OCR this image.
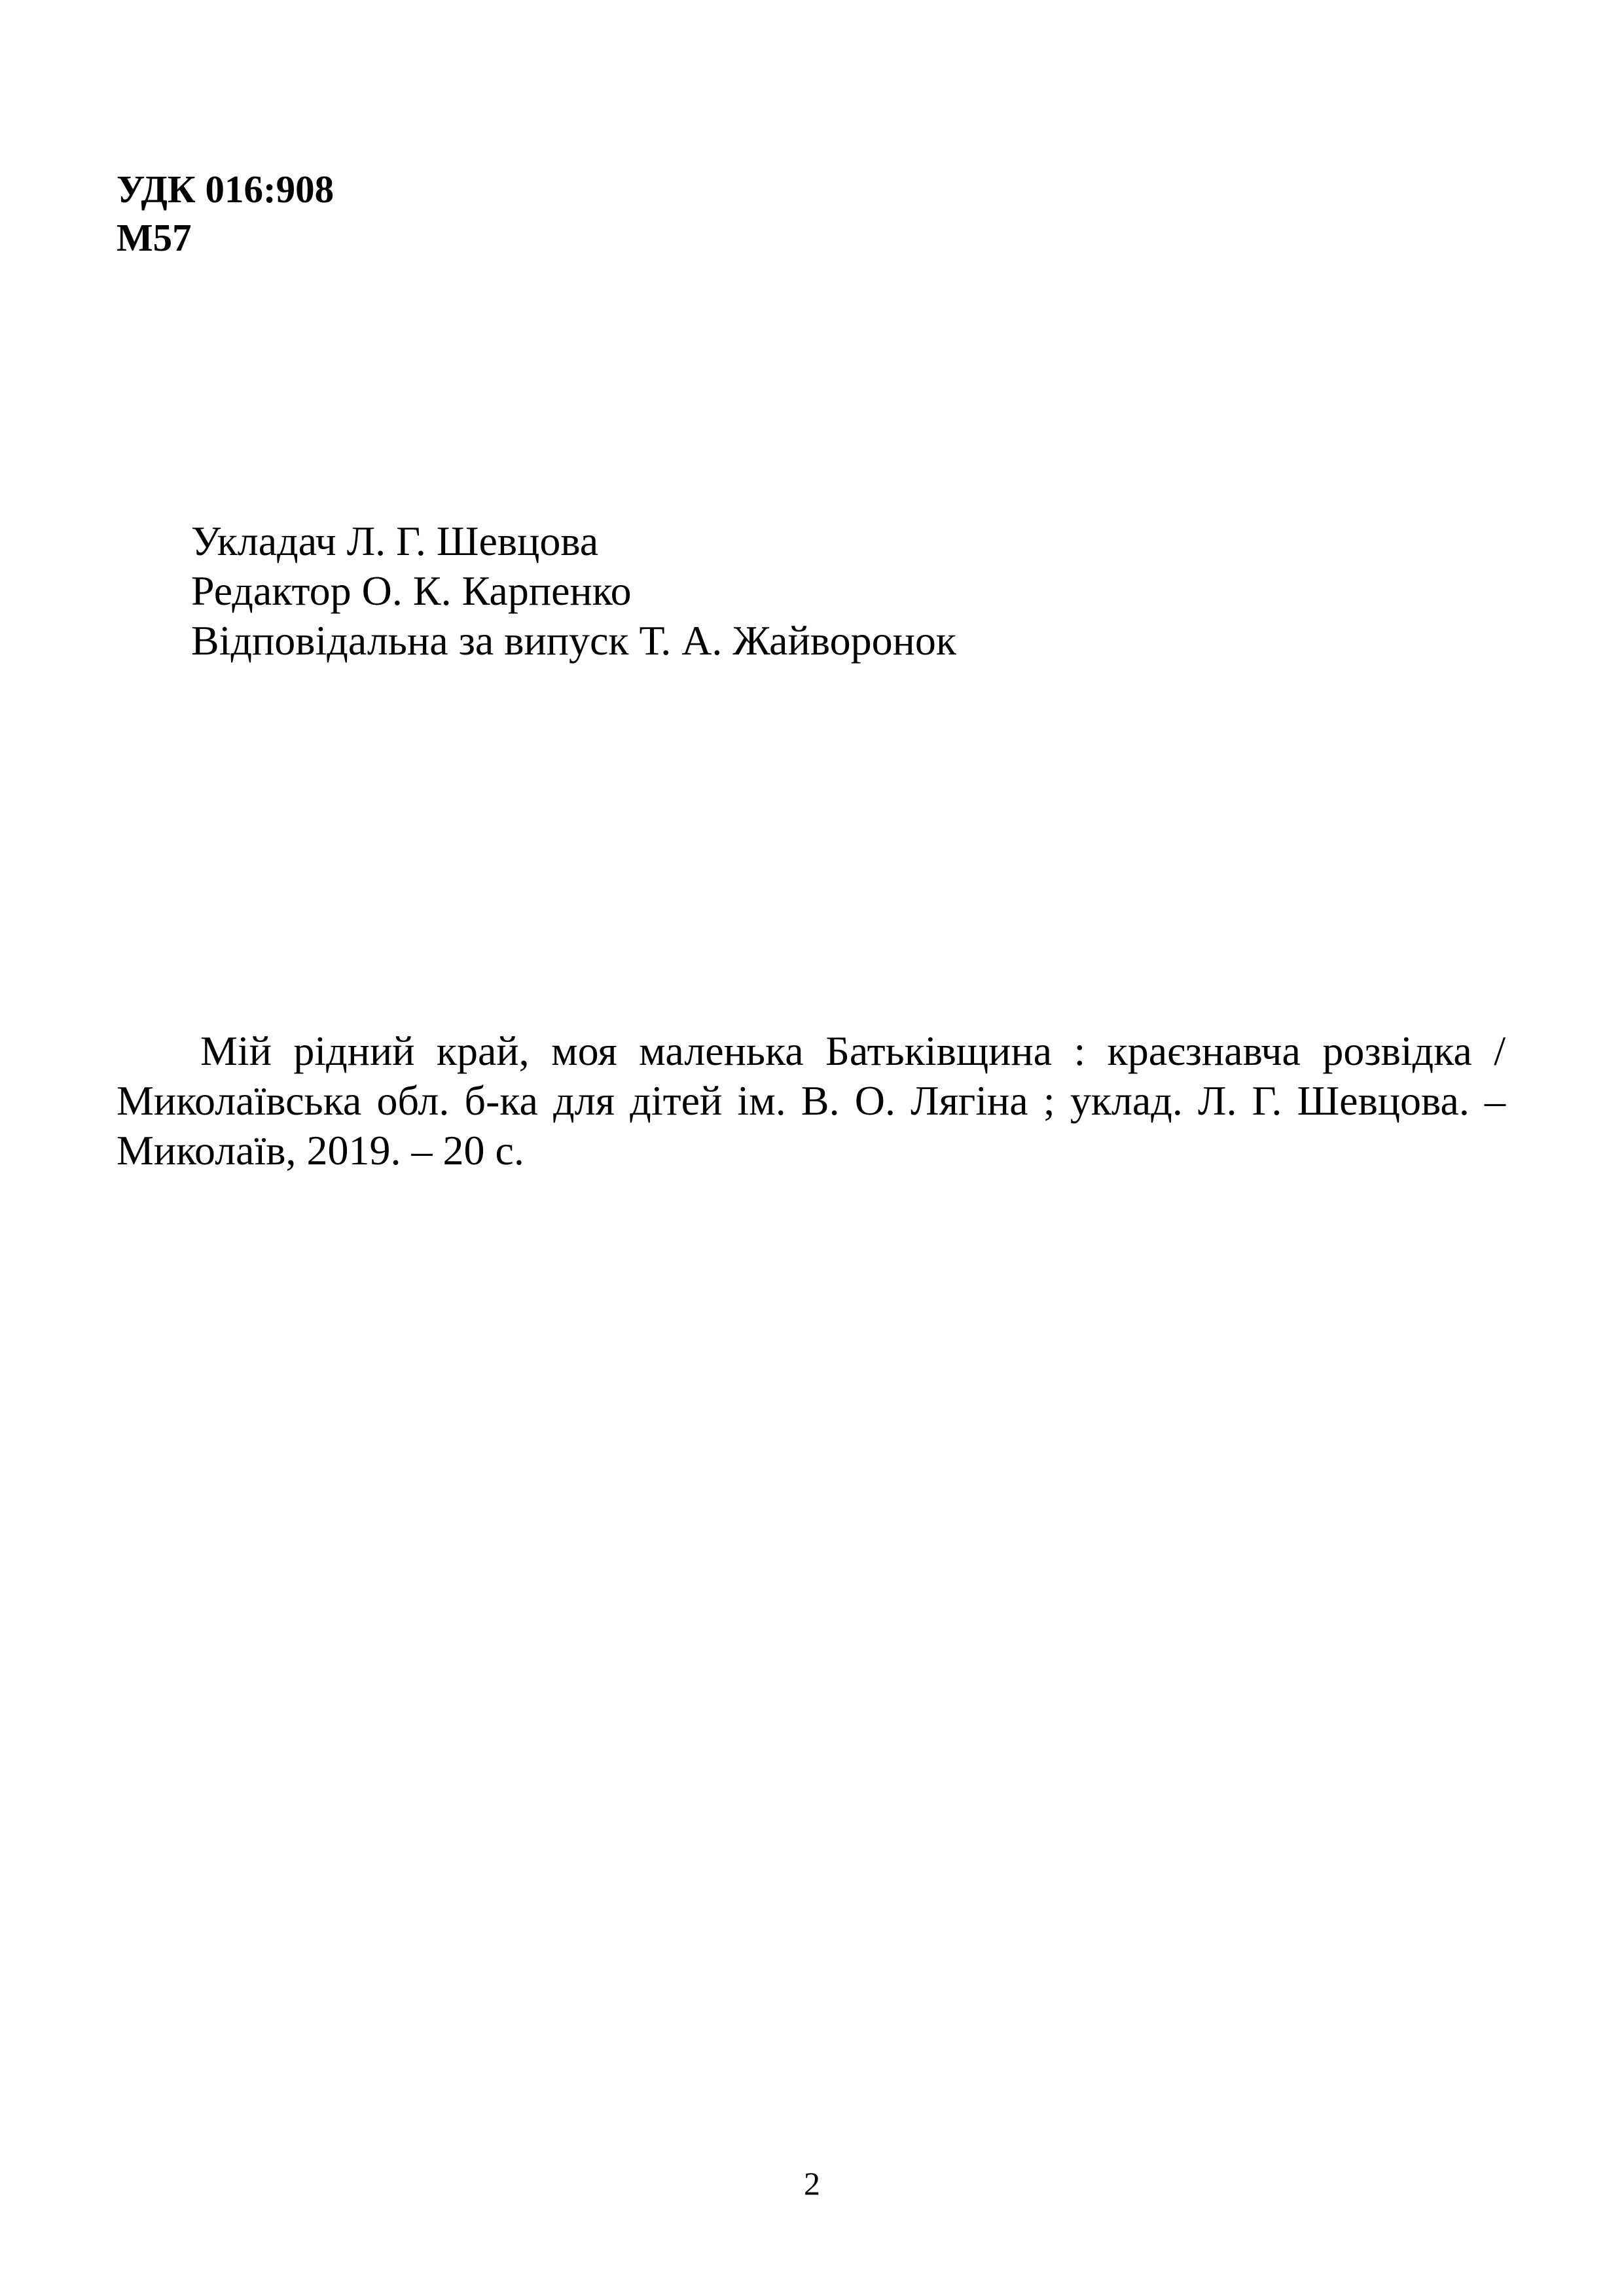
УДК 016:908
М57
Укладач Л. Г. Шевцова
Редактор О. К. Карпенко
Відповідальна за випуск Т. А. Жайворонок
Мій рідний край, моя маленька Батьківщина : краєзнавча розвідка /
Миколаївська обл. б-ка для дітей ім. В. О. Лягіна ; уклад. Л. Г. Шевцова. –
Миколаїв, 2019. – 20 с.
2
